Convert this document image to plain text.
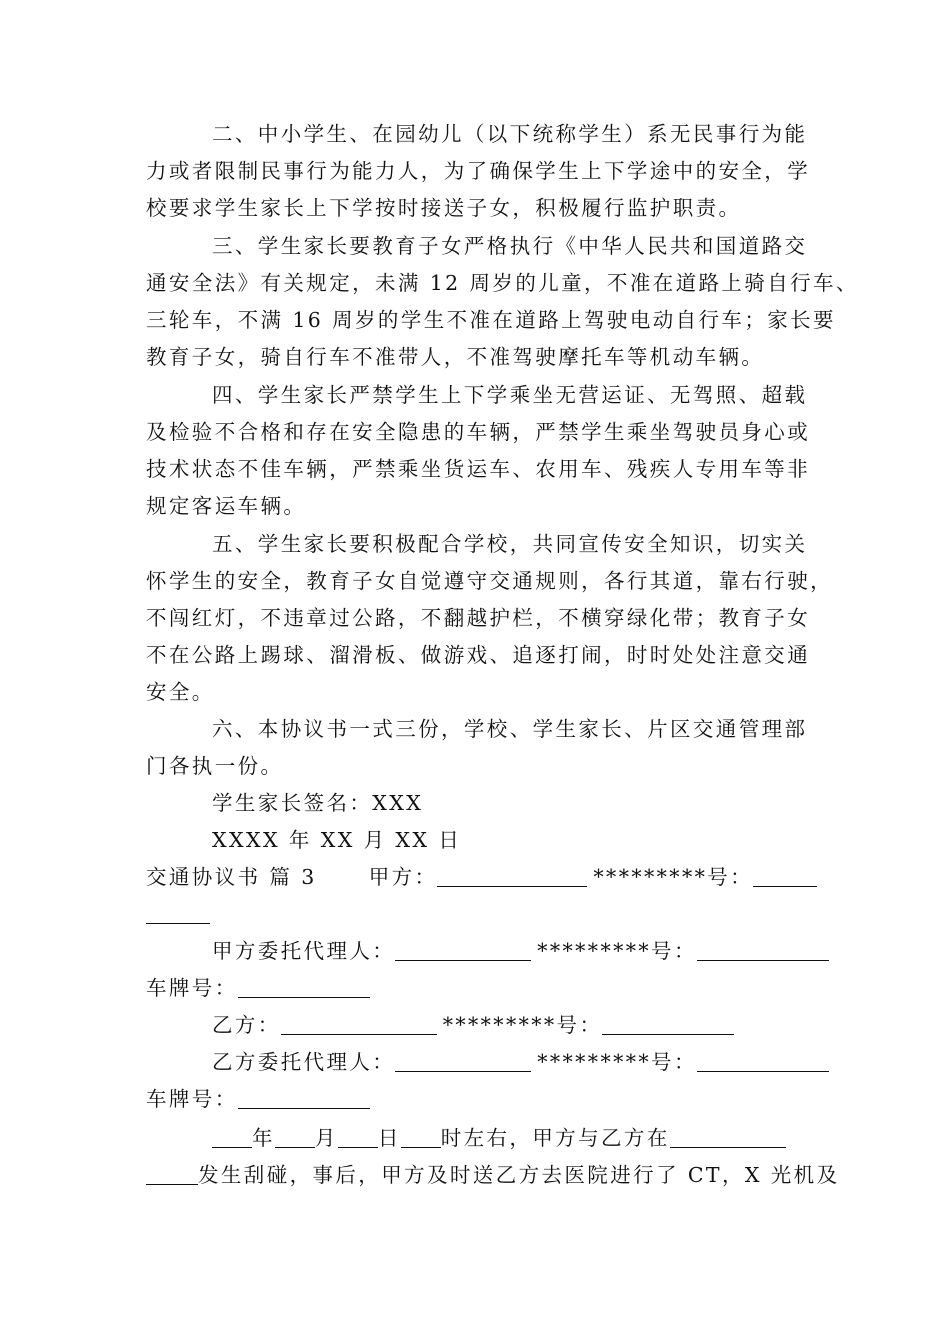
二、中小学生、在园幼儿（以下统称学生）系无民事行为能
力或者限制民事行为能力人，为了确保学生上下学途中的安全，学
校要求学生家长上下学按时接送子女，积极履行监护职责。
三、学生家长要教育子女严格执行《中华人民共和国道路交
通安全法》有关规定，未满 12 周岁的儿童，不准在道路上骑自行车、
三轮车，不满 16 周岁的学生不准在道路上驾驶电动自行车；家长要
教育子女，骑自行车不准带人，不准驾驶摩托车等机动车辆。
四、学生家长严禁学生上下学乘坐无营运证、无驾照、超载
及检验不合格和存在安全隐患的车辆，严禁学生乘坐驾驶员身心或
技术状态不佳车辆，严禁乘坐货运车、农用车、残疾人专用车等非
规定客运车辆。
五、学生家长要积极配合学校，共同宣传安全知识，切实关
怀学生的安全，教育子女自觉遵守交通规则，各行其道，靠右行驶，
不闯红灯，不违章过公路，不翻越护栏，不横穿绿化带；教育子女
不在公路上踢球、溜滑板、做游戏、追逐打闹，时时处处注意交通
安全。
六、本协议书一式三份，学校、学生家长、片区交通管理部
门各执一份。
学生家长签名：XXX
XXXX 年 XX 月 XX 日
交通协议书 篇 3	甲方：	*********号：
甲方委托代理人：	*********号：
车牌号：
乙方：	*********号：
乙方委托代理人：	*********号：
车牌号：
年 月 日 时左右，甲方与乙方在
发生刮碰，事后，甲方及时送乙方去医院进行了 CT，X 光机及
